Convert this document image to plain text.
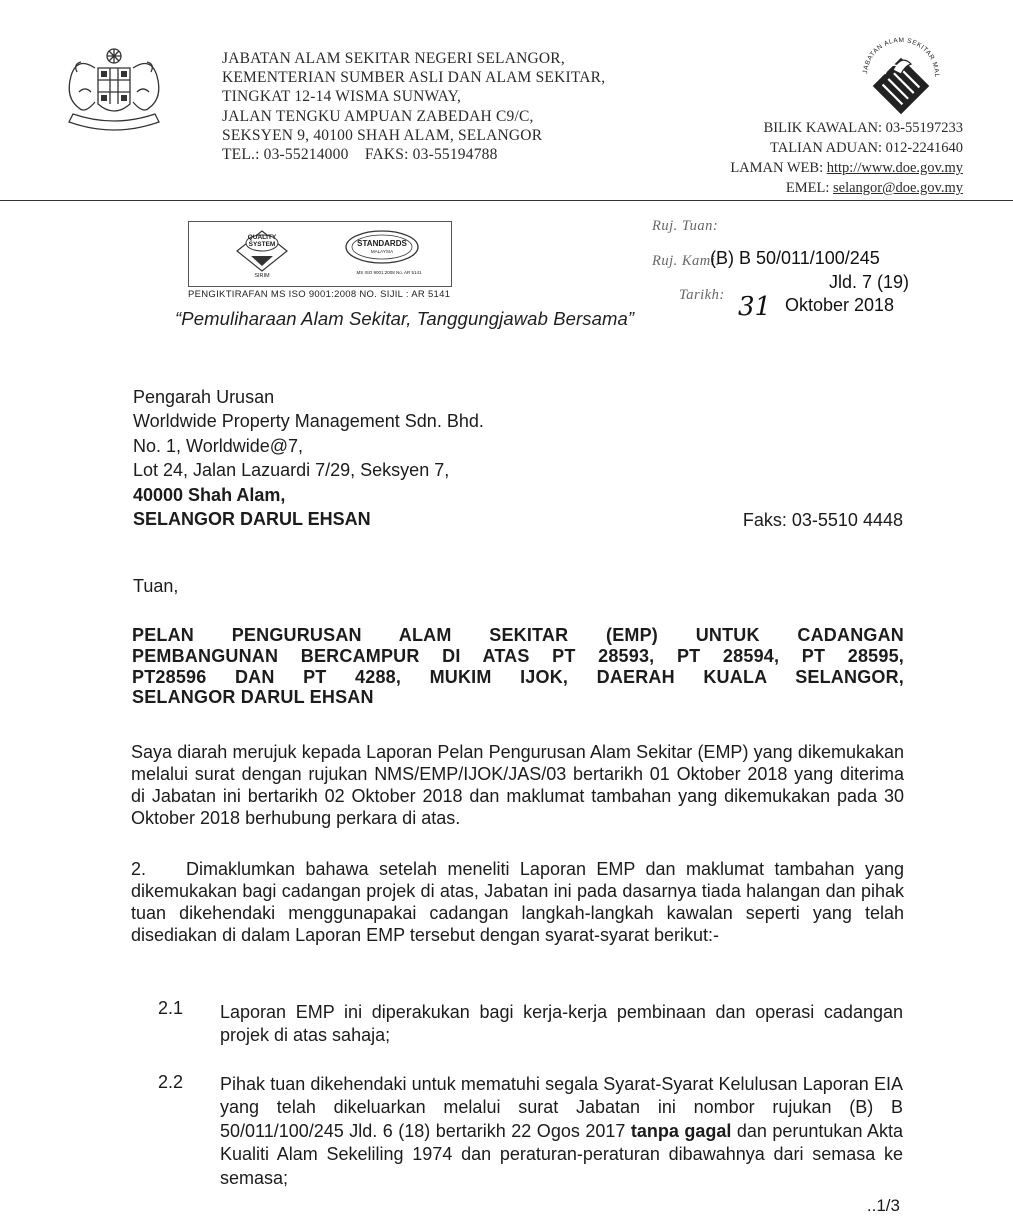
JABATAN ALAM SEKITAR NEGERI SELANGOR,
KEMENTERIAN SUMBER ASLI DAN ALAM SEKITAR,
TINGKAT 12-14 WISMA SUNWAY,
JALAN TENGKU AMPUAN ZABEDAH C9/C,
SEKSYEN 9, 40100 SHAH ALAM, SELANGOR
TEL.: 03-55214000    FAKS: 03-55194788
JABATAN ALAM SEKITAR MAL
BILIK KAWALAN: 03-55197233
TALIAN ADUAN: 012-2241640
LAMAN WEB: http://www.doe.gov.my
EMEL: selangor@doe.gov.my
QUALITY
SYSTEM
SIRIM
STANDARDS
MALAYSIA
MS ISO 9001:2008 No. AR 5141
PENGIKTIRAFAN MS ISO 9001:2008 NO. SIJIL : AR 5141
“Pemuliharaan Alam Sekitar, Tanggungjawab Bersama”
Ruj. Tuan:
Ruj. Kami:
(B) B 50/011/100/245
Jld. 7 (19)
Tarikh: 31 Oktober 2018
Pengarah Urusan
Worldwide Property Management Sdn. Bhd.
No. 1, Worldwide@7,
Lot 24, Jalan Lazuardi 7/29, Seksyen 7,
40000 Shah Alam,
SELANGOR DARUL EHSAN	Faks: 03-5510 4448
Tuan,
PELAN PENGURUSAN ALAM SEKITAR (EMP) UNTUK CADANGAN
PEMBANGUNAN BERCAMPUR DI ATAS PT 28593, PT 28594, PT 28595,
PT28596 DAN PT 4288, MUKIM IJOK, DAERAH KUALA SELANGOR,
SELANGOR DARUL EHSAN
Saya diarah merujuk kepada Laporan Pelan Pengurusan Alam Sekitar (EMP) yang dikemukakan melalui surat dengan rujukan NMS/EMP/IJOK/JAS/03 bertarikh 01 Oktober 2018 yang diterima di Jabatan ini bertarikh 02 Oktober 2018 dan maklumat tambahan yang dikemukakan pada 30 Oktober 2018 berhubung perkara di atas.
2. Dimaklumkan bahawa setelah meneliti Laporan EMP dan maklumat tambahan yang dikemukakan bagi cadangan projek di atas, Jabatan ini pada dasarnya tiada halangan dan pihak tuan dikehendaki menggunapakai cadangan langkah-langkah kawalan seperti yang telah disediakan di dalam Laporan EMP tersebut dengan syarat-syarat berikut:-
2.1 Laporan EMP ini diperakukan bagi kerja-kerja pembinaan dan operasi cadangan projek di atas sahaja;
2.2 Pihak tuan dikehendaki untuk mematuhi segala Syarat-Syarat Kelulusan Laporan EIA yang telah dikeluarkan melalui surat Jabatan ini nombor rujukan (B) B 50/011/100/245 Jld. 6 (18) bertarikh 22 Ogos 2017 tanpa gagal dan peruntukan Akta Kualiti Alam Sekeliling 1974 dan peraturan-peraturan dibawahnya dari semasa ke semasa;
..1/3
